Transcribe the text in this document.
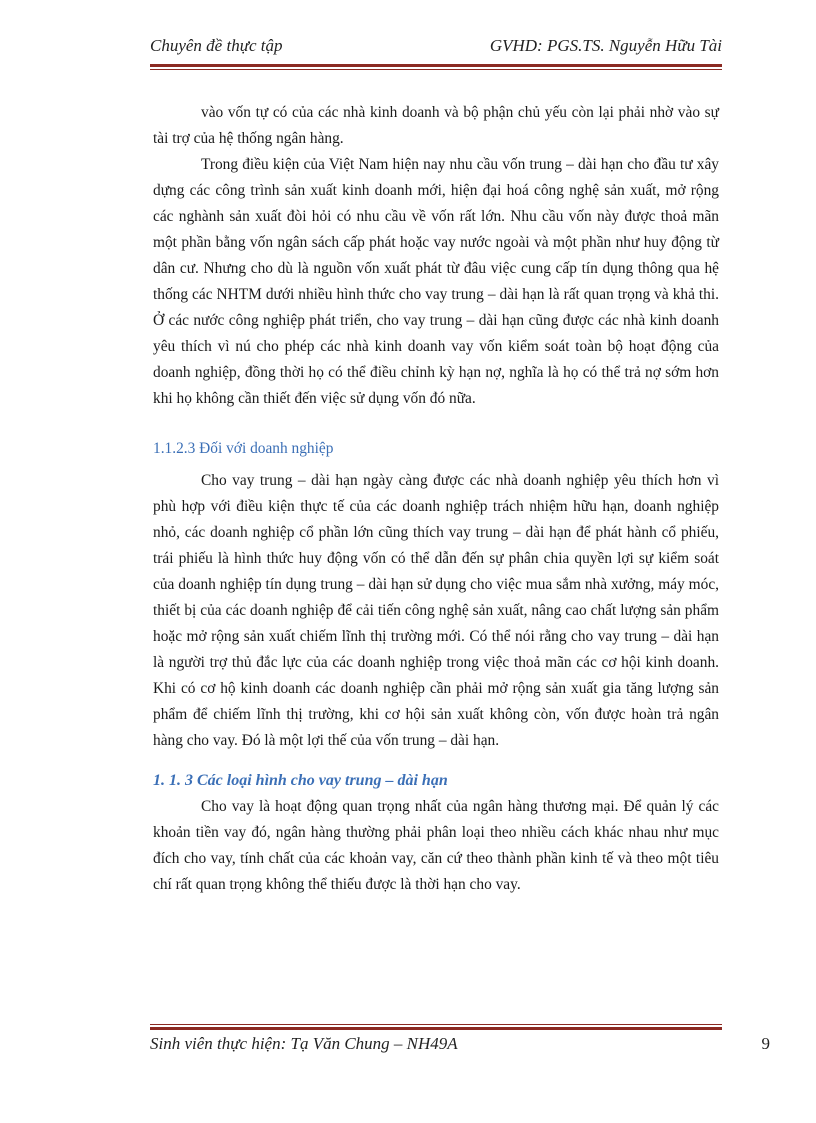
Chuyên đề thực tập	GVHD: PGS.TS. Nguyễn Hữu Tài

vào vốn tự có của các nhà kinh doanh và bộ phận chủ yếu còn lại phải nhờ vào sự tài trợ của hệ thống ngân hàng.

Trong điều kiện của Việt Nam hiện nay nhu cầu vốn trung – dài hạn cho đầu tư xây dựng các công trình sản xuất kinh doanh mới, hiện đại hoá công nghệ sản xuất, mở rộng các nghành sản xuất đòi hỏi có nhu cầu về vốn rất lớn. Nhu cầu vốn này được thoả mãn một phần bằng vốn ngân sách cấp phát hoặc vay nước ngoài và một phần như huy động từ dân cư. Nhưng cho dù là nguồn vốn xuất phát từ đâu việc cung cấp tín dụng thông qua hệ thống các NHTM dưới nhiều hình thức cho vay trung – dài hạn là rất quan trọng và khả thi. Ở các nước công nghiệp phát triển, cho vay trung – dài hạn cũng được các nhà kinh doanh yêu thích vì nú cho phép các nhà kinh doanh vay vốn kiểm soát toàn bộ hoạt động của doanh nghiệp, đồng thời họ có thể điều chỉnh kỳ hạn nợ, nghĩa là họ có thể trả nợ sớm hơn khi họ không cần thiết đến việc sử dụng vốn đó nữa.

1.1.2.3 Đối với doanh nghiệp

Cho vay trung – dài hạn ngày càng được các nhà doanh nghiệp yêu thích hơn vì phù hợp với điều kiện thực tế của các doanh nghiệp trách nhiệm hữu hạn, doanh nghiệp nhỏ, các doanh nghiệp cổ phần lớn cũng thích vay trung – dài hạn để phát hành cổ phiếu, trái phiếu là hình thức huy động vốn có thể dẫn đến sự phân chia quyền lợi sự kiểm soát của doanh nghiệp tín dụng trung – dài hạn sử dụng cho việc mua sắm nhà xưởng, máy móc, thiết bị của các doanh nghiệp để cải tiến công nghệ sản xuất, nâng cao chất lượng sản phẩm hoặc mở rộng sản xuất chiếm lĩnh thị trường mới. Có thể nói rằng cho vay trung – dài hạn là người trợ thủ đắc lực của các doanh nghiệp trong việc thoả mãn các cơ hội kinh doanh. Khi có cơ hộ kinh doanh các doanh nghiệp cần phải mở rộng sản xuất gia tăng lượng sản phẩm để chiếm lĩnh thị trường, khi cơ hội sản xuất không còn, vốn được hoàn trả ngân hàng cho vay. Đó là một lợi thế của vốn trung – dài hạn.

1. 1. 3 Các loại hình cho vay trung – dài hạn

Cho vay là hoạt động quan trọng nhất của ngân hàng thương mại. Để quản lý các khoản tiền vay đó, ngân hàng thường phải phân loại theo nhiều cách khác nhau như mục đích cho vay, tính chất của các khoản vay, căn cứ theo thành phần kinh tế và theo một tiêu chí rất quan trọng không thể thiếu được là thời hạn cho vay.

Sinh viên thực hiện: Tạ Văn Chung – NH49A	9
